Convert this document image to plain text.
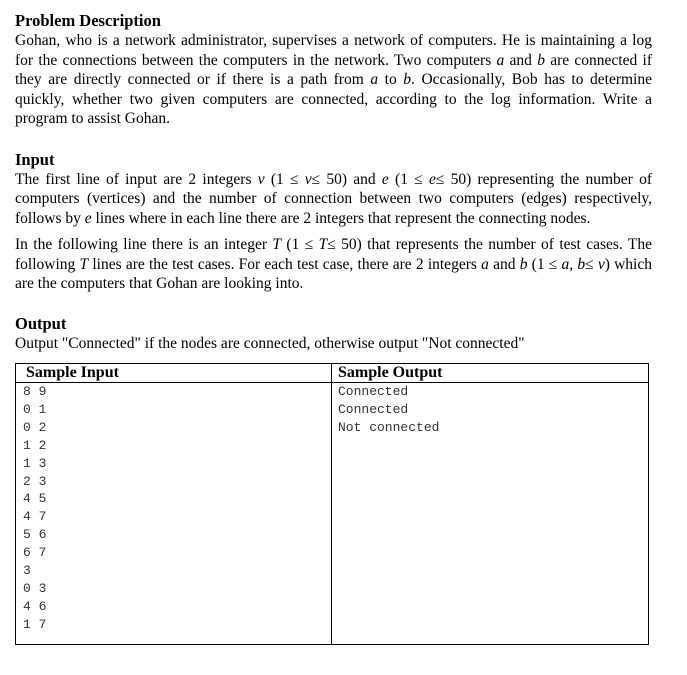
Problem Description

Gohan, who is a network administrator, supervises a network of computers. He is maintaining a log for the connections between the computers in the network. Two computers a and b are connected if they are directly connected or if there is a path from a to b. Occasionally, Bob has to determine quickly, whether two given computers are connected, according to the log information. Write a program to assist Gohan.

Input

The first line of input are 2 integers v (1 ≤ v≤ 50) and e (1 ≤ e≤ 50) representing the number of computers (vertices) and the number of connection between two computers (edges) respectively, follows by e lines where in each line there are 2 integers that represent the connecting nodes.

In the following line there is an integer T (1 ≤ T≤ 50) that represents the number of test cases. The following T lines are the test cases. For each test case, there are 2 integers a and b (1 ≤ a, b≤ v) which are the computers that Gohan are looking into.

Output

Output "Connected" if the nodes are connected, otherwise output "Not connected"

Sample Input
8 9
0 1
0 2
1 2
1 3
2 3
4 5
4 7
5 6
6 7
3
0 3
4 6
1 7
Sample Output
Connected
Connected
Not connected
